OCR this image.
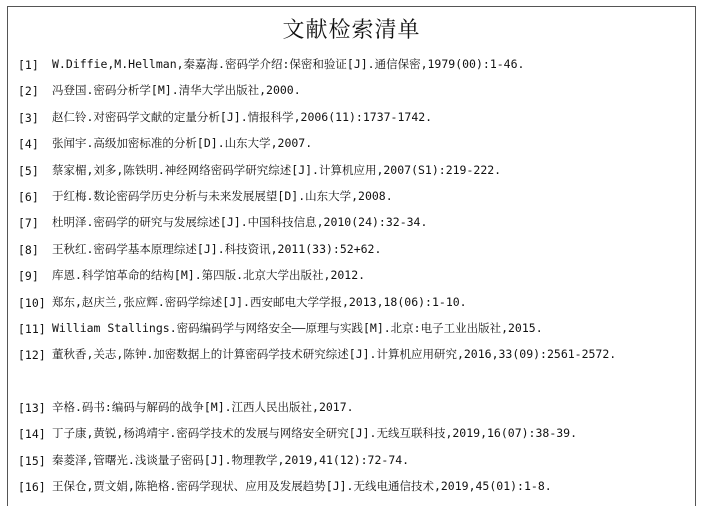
文献检索清单
[1]	W.Diffie,M.Hellman,秦嘉海.密码学介绍:保密和验证[J].通信保密,1979(00):1-46.
[2]	冯登国.密码分析学[M].清华大学出版社,2000.
[3]	赵仁铃.对密码学文献的定量分析[J].情报科学,2006(11):1737-1742.
[4]	张闻宇.高级加密标准的分析[D].山东大学,2007.
[5]	蔡家楣,刘多,陈铁明.神经网络密码学研究综述[J].计算机应用,2007(S1):219-222.
[6]	于红梅.数论密码学历史分析与未来发展展望[D].山东大学,2008.
[7]	杜明泽.密码学的研究与发展综述[J].中国科技信息,2010(24):32-34.
[8]	王秋红.密码学基本原理综述[J].科技资讯,2011(33):52+62.
[9]	库恩.科学馆革命的结构[M].第四版.北京大学出版社,2012.
[10] 郑东,赵庆兰,张应辉.密码学综述[J].西安邮电大学学报,2013,18(06):1-10.
[11] William Stallings.密码编码学与网络安全——原理与实践[M].北京:电子工业出版社,2015.
[12] 董秋香,关志,陈钟.加密数据上的计算密码学技术研究综述[J].计算机应用研究,2016,33(09):2561-2572.
[13] 辛格.码书:编码与解码的战争[M].江西人民出版社,2017.
[14] 丁子康,黄锐,杨鸿靖宇.密码学技术的发展与网络安全研究[J].无线互联科技,2019,16(07):38-39.
[15] 秦菱泽,管曙光.浅谈量子密码[J].物理教学,2019,41(12):72-74.
[16] 王保仓,贾文娟,陈艳格.密码学现状、应用及发展趋势[J].无线电通信技术,2019,45(01):1-8.
